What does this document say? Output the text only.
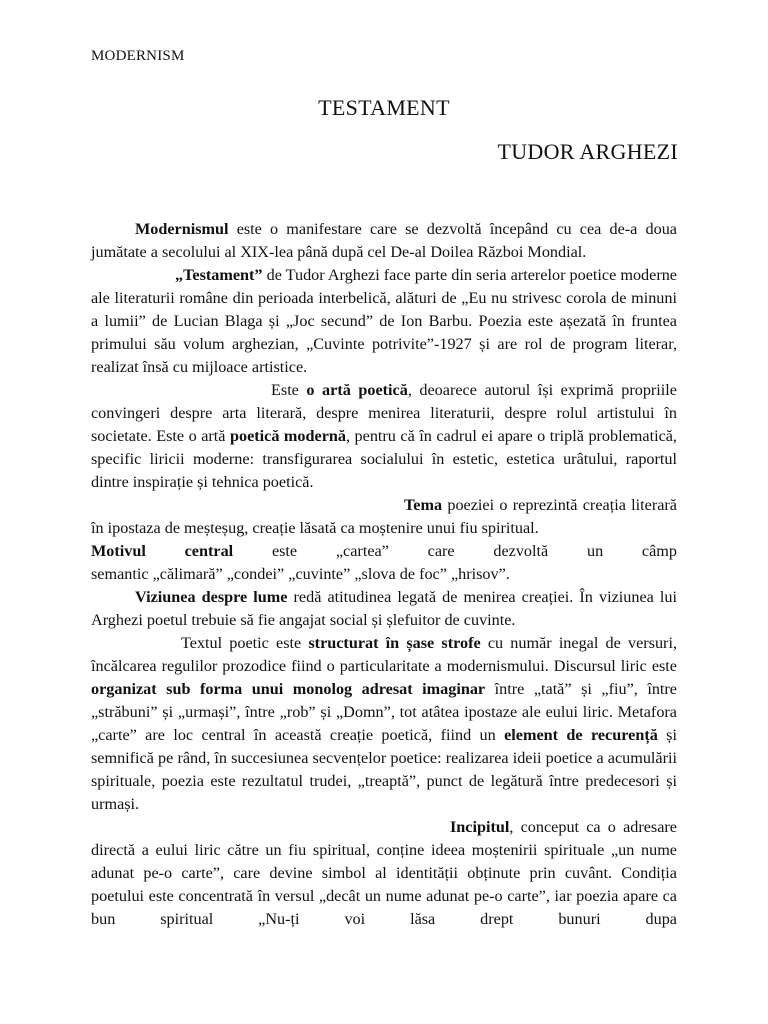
MODERNISM
TESTAMENT
TUDOR ARGHEZI

Modernismul este o manifestare care se dezvoltă începând cu cea de-a doua jumătate a secolului al XIX-lea până după cel De-al Doilea Război Mondial.

„Testament” de Tudor Arghezi face parte din seria arterelor poetice moderne ale literaturii române din perioada interbelică, alături de „Eu nu strivesc corola de minuni a lumii” de Lucian Blaga și „Joc secund” de Ion Barbu. Poezia este așezată în fruntea primului său volum arghezian, „Cuvinte potrivite”-1927 și are rol de program literar, realizat însă cu mijloace artistice.

Este o artă poetică, deoarece autorul își exprimă propriile convingeri despre arta literară, despre menirea literaturii, despre rolul artistului în societate. Este o artă poetică modernă, pentru că în cadrul ei apare o triplă problematică, specific liricii moderne: transfigurarea socialului în estetic, estetica urâtului, raportul dintre inspirație și tehnica poetică.

Tema poeziei o reprezintă creația literară în ipostaza de meșteșug, creație lăsată ca moștenire unui fiu spiritual.

Motivul central este „cartea” care dezvoltă un câmp

semantic „călimară” „condei” „cuvinte” „slova de foc” „hrisov”.

Viziunea despre lume redă atitudinea legată de menirea creației. În viziunea lui Arghezi poetul trebuie să fie angajat social și șlefuitor de cuvinte.

Textul poetic este structurat în șase strofe cu număr inegal de versuri, încălcarea regulilor prozodice fiind o particularitate a modernismului. Discursul liric este organizat sub forma unui monolog adresat imaginar între „tată” și „fiu”, între „străbuni” și „urmași”, între „rob” și „Domn”, tot atâtea ipostaze ale eului liric. Metafora „carte” are loc central în această creație poetică, fiind un element de recurență și semnifică pe rând, în succesiunea secvențelor poetice: realizarea ideii poetice a acumulării spirituale, poezia este rezultatul trudei, „treaptă”, punct de legătură între predecesori și urmași.

Incipitul, conceput ca o adresare directă a eului liric către un fiu spiritual, conține ideea moștenirii spirituale „un nume adunat pe-o carte”, care devine simbol al identității obținute prin cuvânt. Condiția poetului este concentrată în versul „decât un nume adunat pe-o carte”, iar poezia apare ca bun spiritual „Nu-ți voi lăsa drept bunuri dupa
